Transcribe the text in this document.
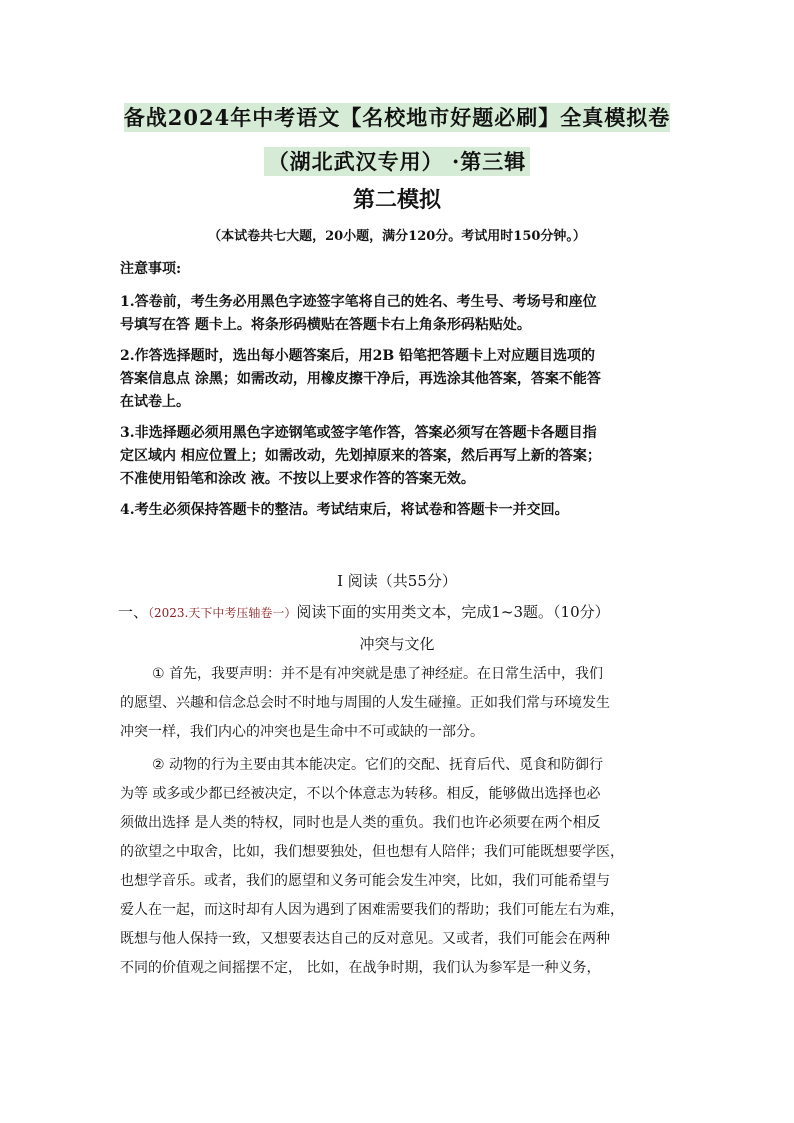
备战2024年中考语文【名校地市好题必刷】全真模拟卷
（湖北武汉专用） ·第三辑
第二模拟
（本试卷共七大题，20小题，满分120分。考试用时150分钟。）
注意事项:
1.答卷前，考生务必用黑色字迹签字笔将自己的姓名、考生号、考场号和座位
号填写在答 题卡上。将条形码横贴在答题卡右上角条形码粘贴处。
2.作答选择题时，选出每小题答案后，用2B 铅笔把答题卡上对应题目选项的
答案信息点 涂黑；如需改动，用橡皮擦干净后，再选涂其他答案，答案不能答
在试卷上。
3.非选择题必须用黑色字迹钢笔或签字笔作答，答案必须写在答题卡各题目指
定区域内 相应位置上；如需改动，先划掉原来的答案，然后再写上新的答案；
不准使用铅笔和涂改 液。不按以上要求作答的答案无效。
4.考生必须保持答题卡的整洁。考试结束后，将试卷和答题卡一并交回。
I 阅读（共55分）
一、（2023.天下中考压轴卷一）阅读下面的实用类文本，完成1~3题。（10分）
冲突与文化
① 首先，我要声明：并不是有冲突就是患了神经症。在日常生活中，我们
的愿望、兴趣和信念总会时不时地与周围的人发生碰撞。正如我们常与环境发生
冲突一样，我们内心的冲突也是生命中不可或缺的一部分。
② 动物的行为主要由其本能决定。它们的交配、抚育后代、觅食和防御行
为等 或多或少都已经被决定，不以个体意志为转移。相反，能够做出选择也必
须做出选择 是人类的特权，同时也是人类的重负。我们也许必须要在两个相反
的欲望之中取舍，比如，我们想要独处，但也想有人陪伴；我们可能既想要学医，
也想学音乐。或者，我们的愿望和义务可能会发生冲突，比如，我们可能希望与
爱人在一起，而这时却有人因为遇到了困难需要我们的帮助；我们可能左右为难，
既想与他人保持一致，又想要表达自己的反对意见。又或者，我们可能会在两种
不同的价值观之间摇摆不定， 比如，在战争时期，我们认为参军是一种义务，
